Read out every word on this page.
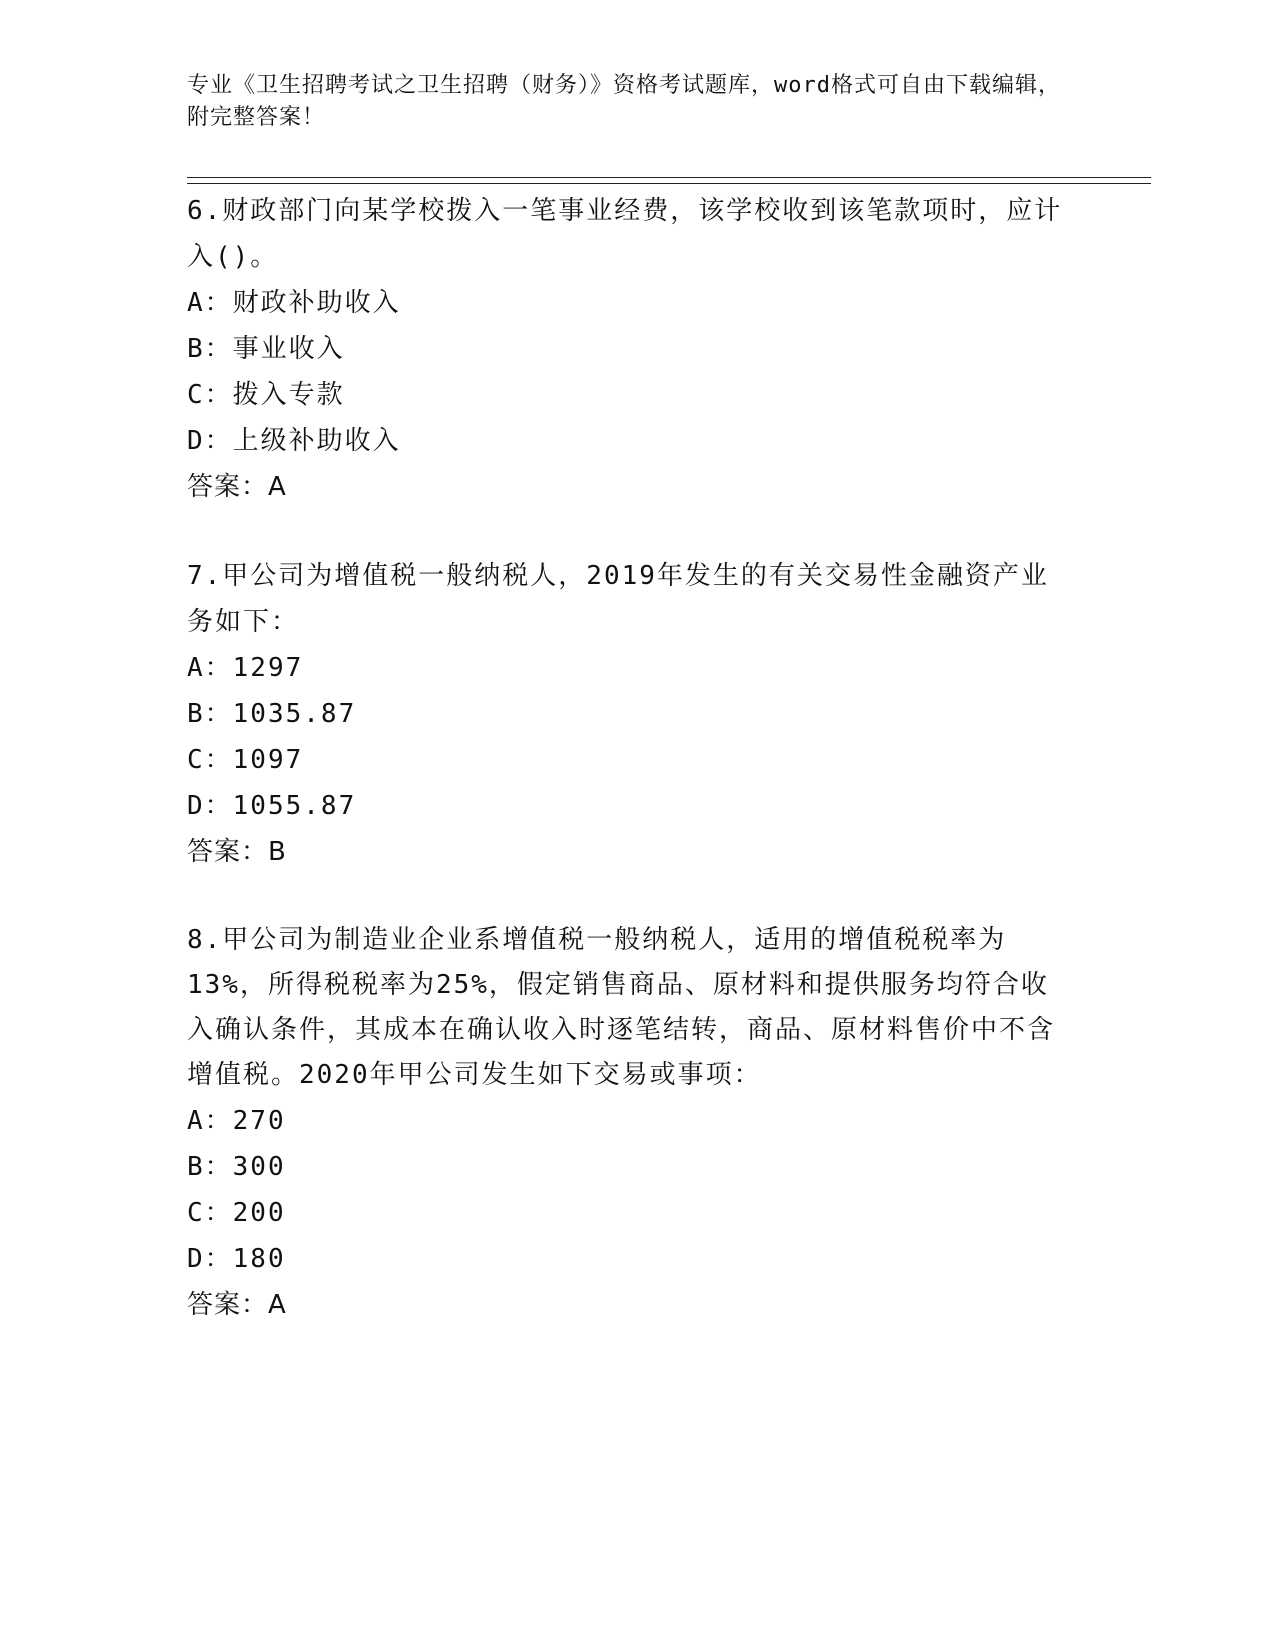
专业《卫生招聘考试之卫生招聘（财务）》资格考试题库，word格式可自由下载编辑，附完整答案！
6.财政部门向某学校拨入一笔事业经费，该学校收到该笔款项时，应计入()。
A：财政补助收入
B：事业收入
C：拨入专款
D：上级补助收入
答案：A
7.甲公司为增值税一般纳税人，2019年发生的有关交易性金融资产业务如下：
A：1297
B：1035.87
C：1097
D：1055.87
答案：B
8.甲公司为制造业企业系增值税一般纳税人，适用的增值税税率为13%，所得税税率为25%，假定销售商品、原材料和提供服务均符合收入确认条件，其成本在确认收入时逐笔结转，商品、原材料售价中不含增值税。2020年甲公司发生如下交易或事项：
A：270
B：300
C：200
D：180
答案：A
